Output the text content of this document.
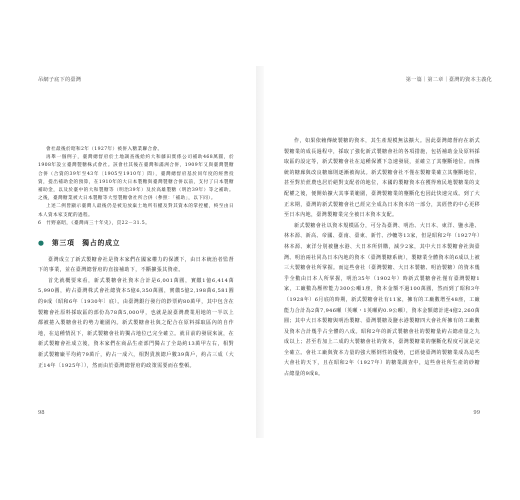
吊網子底下的臺灣

會社最後於昭和2年（1927年）被併入糖業聯合會。

再舉一個例子，臺灣總督府於土地調查後給約大和藤田實係公司補助468萬圓，於1908年設立臺灣製糖株式會社。該會社其後在臺灣和滿洲合併，1909年又與臺灣製糖合併（合資的39年至43年〔1905至1910年〕間），臺灣總督府基於同年度的經營投資，提出補助金的預算，在1910年的大日本製糖與臺灣製糖合併以前，支付了日本製糖補助金，以及於臺中的大和製糖等（明治39年）及於高雄製糖（明治39年）等之補助。之後，臺灣糖業被大日本製糖等大型製糖會社所合併（參照：「補助」，以下同）。

上述二例皆顯示臺灣人最後仍是被迫放棄土地所有權及對其資本的掌控權，終至由日本人資本家支配的過程。

6　竹野嘉昭，《臺灣両三十年史》，頁22－31.5。

● 第三項　獨占的成立

臺灣成立了新式製糖會社是資本家們在國家權力的保護下，由日本統治者監督下的事業，並在臺灣總督府的直接補助下，不斷擴張其資產。

首先就概要來看，新式製糖會社資本合計是6,001萬圓，實繳1億6,414萬5,990圓，約占臺灣株式會社總資本5億6,350萬圓，實繳5億2,198萬6,581圓的9成（昭和6年〔1930年〕底）。由臺灣銀行發行的鈔票約80萬甲，其中包含在製糖會社原料採取區的部份為78萬5,000甲，也就是說臺灣農業用地的一半以上都被捲入製糖會社的勢力範圍內。新式製糖會社與之配合在原料採取區內的自作地，在這種情況下，新式製糖會社的獨占地位已完全確立。就目前的發展來說，在新式製糖會社成立後，資本家們在商品生產部門獨占了全島約13萬甲左右，相對新式製糖廠平均約79萬斤，約占一成六，相對貴族總戶數39萬戶，約占三成（大正14年〔1925年〕），然而由於臺灣總督府的政策需要而在整頓。

98
第一篇｜第二章｜臺灣的資本主義化

作，如果依賴傳統製糖的資本，其生產規模無法擴大。因此臺灣總督府在新式製糖業的成長過程中，採取了強化新式製糖會社的各項措施，包括補助金及原料採取區的設定等，新式製糖會社在這種保護下急速發展，並確立了其壟斷地位。而傳統的糖廍與改良糖廍則逐漸被淘汰。新式製糖會社不僅在製糖業確立其壟斷地位，甚至對於蔗農也居於絕對支配者的地位，本國的製糖資本在獲得殖民地製糖業的支配權之後，便開始擴大其事業範圍，臺灣製糖業的壟斷化也因此快速完成。到了大正末期，臺灣的新式製糖會社已經完全成為日本資本的一部分，其經營的中心更移至日本內地，臺灣製糖業完全被日本資本支配。

新式製糖會社以資本規模區分，可分為臺灣、明治、大日本、東洋、鹽水港、林本源、新高、帝國、臺南、臺東、新竹、沙轆等13家，但是昭和2年（1927年）林本源、東洋分別被鹽水港、大日本所併購，減少2家，其中大日本製糖會社與臺灣、明治兩社同為日本內地的資本（臺灣製糖系統），製糖業全體資本的6成以上被三大製糖會社所掌握。而這些會社（臺灣製糖、大日本製糖、明治製糖）的資本幾乎全數由日本人所掌握，明治35年（1902年）時新式製糖會社僅有臺灣製糖1家，工廠數為壓榨能力300公噸1座，資本金額不過100萬圓，然而到了昭和3年（1928年）6月底的時期，新式製糖會社有11家，擁有的工廠數增至48座，工廠能力合計為2萬7,946噸（英噸・1英噸約0.9公噸），資本金額總計達4億2,260萬圓；其中大日本製糖與明治製糖、臺灣製糖及鹽水港製糖四大會社所擁有的工廠數及資本合計幾乎占全體的八成。昭和2年的新式製糖會社的製糖量約占總產量之九成以上；甚至若加上二成的大製糖會社的資本，臺灣製糖業的壟斷化程度可說是完全確立。會社工廠與資本力量的強大壓倒性的優勢，已經使臺灣的製糖業成為這些大會社的天下，且在昭和2年（1927年）的糖業調查中，這些會社所生產的砂糖占總量的9成8。

99
